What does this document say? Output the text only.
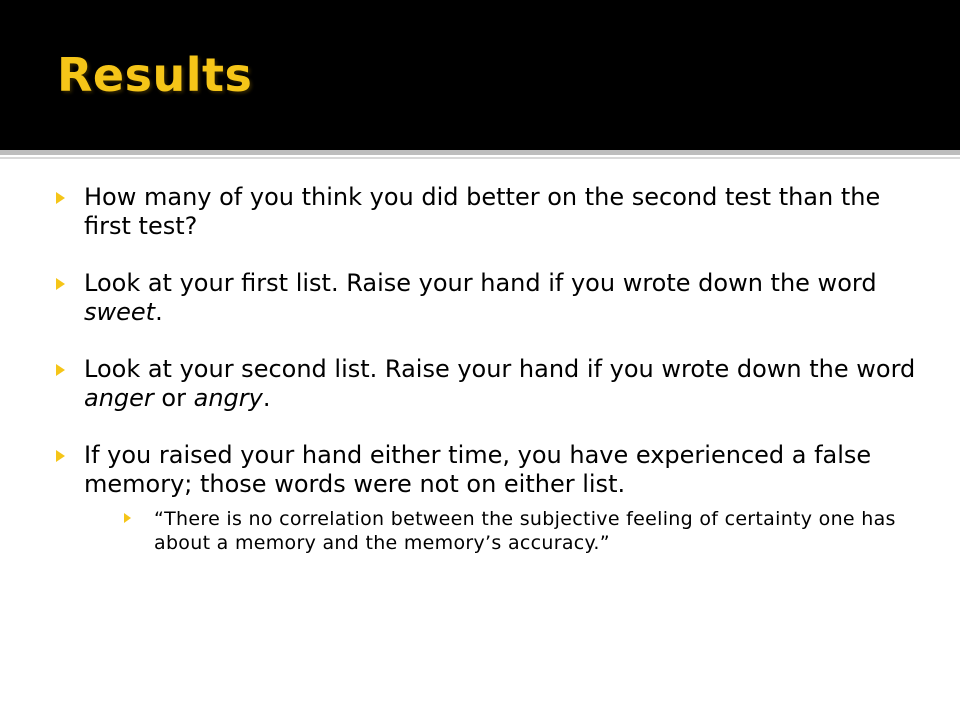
Results
How many of you think you did better on the second test than the first test?
Look at your first list. Raise your hand if you wrote down the word sweet.
Look at your second list. Raise your hand if you wrote down the word anger or angry.
If you raised your hand either time, you have experienced a false memory; those words were not on either list.
“There is no correlation between the subjective feeling of certainty one has about a memory and the memory’s accuracy.”
